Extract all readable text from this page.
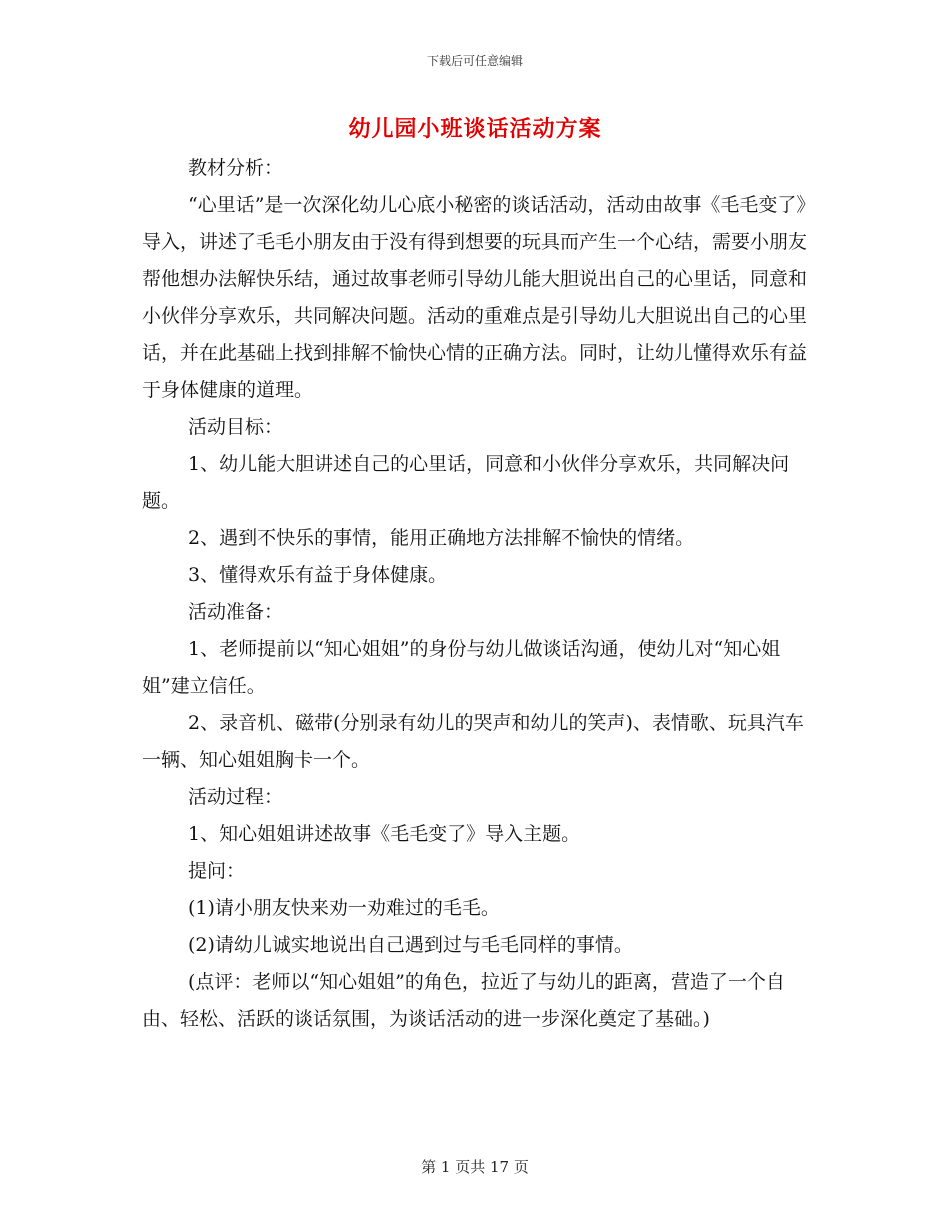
下载后可任意编辑
幼儿园小班谈话活动方案

教材分析：

“心里话”是一次深化幼儿心底小秘密的谈话活动，活动由故事《毛毛变了》导入，讲述了毛毛小朋友由于没有得到想要的玩具而产生一个心结，需要小朋友帮他想办法解快乐结，通过故事老师引导幼儿能大胆说出自己的心里话，同意和小伙伴分享欢乐，共同解决问题。活动的重难点是引导幼儿大胆说出自己的心里话，并在此基础上找到排解不愉快心情的正确方法。同时，让幼儿懂得欢乐有益于身体健康的道理。

活动目标：

1、幼儿能大胆讲述自己的心里话，同意和小伙伴分享欢乐，共同解决问题。

2、遇到不快乐的事情，能用正确地方法排解不愉快的情绪。

3、懂得欢乐有益于身体健康。

活动准备：

1、老师提前以“知心姐姐”的身份与幼儿做谈话沟通，使幼儿对“知心姐姐”建立信任。

2、录音机、磁带(分别录有幼儿的哭声和幼儿的笑声)、表情歌、玩具汽车一辆、知心姐姐胸卡一个。

活动过程：

1、知心姐姐讲述故事《毛毛变了》导入主题。

提问：

(1)请小朋友快来劝一劝难过的毛毛。

(2)请幼儿诚实地说出自己遇到过与毛毛同样的事情。

(点评：老师以“知心姐姐”的角色，拉近了与幼儿的距离，营造了一个自由、轻松、活跃的谈话氛围，为谈话活动的进一步深化奠定了基础。)

第 1 页共 17 页
